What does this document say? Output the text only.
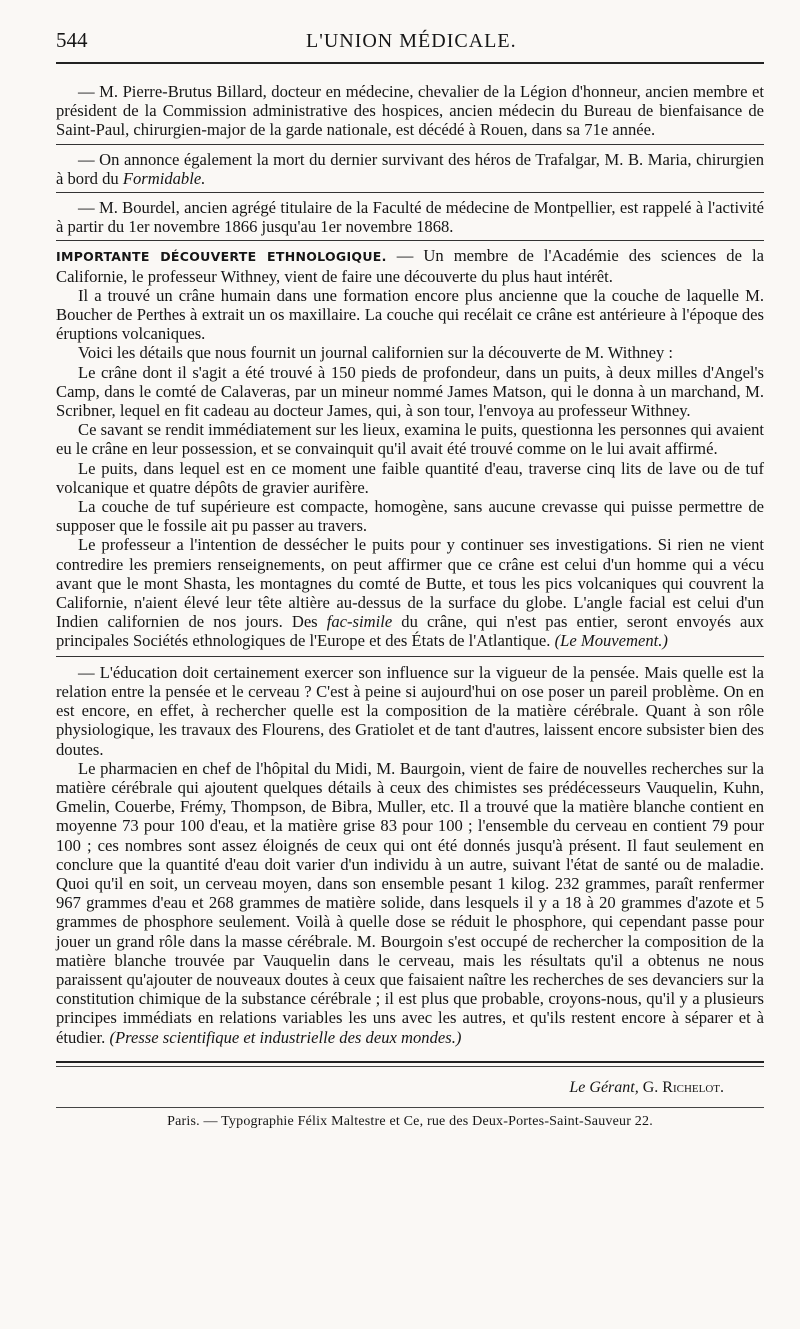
544	L'UNION MÉDICALE.

— M. Pierre-Brutus Billard, docteur en médecine, chevalier de la Légion d'honneur, ancien membre et président de la Commission administrative des hospices, ancien médecin du Bureau de bienfaisance de Saint-Paul, chirurgien-major de la garde nationale, est décédé à Rouen, dans sa 71e année.

— On annonce également la mort du dernier survivant des héros de Trafalgar, M. B. Maria, chirurgien à bord du Formidable.

— M. Bourdel, ancien agrégé titulaire de la Faculté de médecine de Montpellier, est rappelé à l'activité à partir du 1er novembre 1866 jusqu'au 1er novembre 1868.

IMPORTANTE DÉCOUVERTE ETHNOLOGIQUE. — Un membre de l'Académie des sciences de la Californie, le professeur Withney, vient de faire une découverte du plus haut intérêt.

Il a trouvé un crâne humain dans une formation encore plus ancienne que la couche de laquelle M. Boucher de Perthes à extrait un os maxillaire. La couche qui recélait ce crâne est antérieure à l'époque des éruptions volcaniques.

Voici les détails que nous fournit un journal californien sur la découverte de M. Withney :

Le crâne dont il s'agit a été trouvé à 150 pieds de profondeur, dans un puits, à deux milles d'Angel's Camp, dans le comté de Calaveras, par un mineur nommé James Matson, qui le donna à un marchand, M. Scribner, lequel en fit cadeau au docteur James, qui, à son tour, l'envoya au professeur Withney.

Ce savant se rendit immédiatement sur les lieux, examina le puits, questionna les personnes qui avaient eu le crâne en leur possession, et se convainquit qu'il avait été trouvé comme on le lui avait affirmé.

Le puits, dans lequel est en ce moment une faible quantité d'eau, traverse cinq lits de lave ou de tuf volcanique et quatre dépôts de gravier aurifère.

La couche de tuf supérieure est compacte, homogène, sans aucune crevasse qui puisse permettre de supposer que le fossile ait pu passer au travers.

Le professeur a l'intention de dessécher le puits pour y continuer ses investigations. Si rien ne vient contredire les premiers renseignements, on peut affirmer que ce crâne est celui d'un homme qui a vécu avant que le mont Shasta, les montagnes du comté de Butte, et tous les pics volcaniques qui couvrent la Californie, n'aient élevé leur tête altière au-dessus de la surface du globe. L'angle facial est celui d'un Indien californien de nos jours. Des fac-simile du crâne, qui n'est pas entier, seront envoyés aux principales Sociétés ethnologiques de l'Europe et des États de l'Atlantique. (Le Mouvement.)

— L'éducation doit certainement exercer son influence sur la vigueur de la pensée. Mais quelle est la relation entre la pensée et le cerveau ? C'est à peine si aujourd'hui on ose poser un pareil problème. On en est encore, en effet, à rechercher quelle est la composition de la matière cérébrale. Quant à son rôle physiologique, les travaux des Flourens, des Gratiolet et de tant d'autres, laissent encore subsister bien des doutes.

Le pharmacien en chef de l'hôpital du Midi, M. Baurgoin, vient de faire de nouvelles recherches sur la matière cérébrale qui ajoutent quelques détails à ceux des chimistes ses prédécesseurs Vauquelin, Kuhn, Gmelin, Couerbe, Frémy, Thompson, de Bibra, Muller, etc. Il a trouvé que la matière blanche contient en moyenne 73 pour 100 d'eau, et la matière grise 83 pour 100 ; l'ensemble du cerveau en contient 79 pour 100 ; ces nombres sont assez éloignés de ceux qui ont été donnés jusqu'à présent. Il faut seulement en conclure que la quantité d'eau doit varier d'un individu à un autre, suivant l'état de santé ou de maladie. Quoi qu'il en soit, un cerveau moyen, dans son ensemble pesant 1 kilog. 232 grammes, paraît renfermer 967 grammes d'eau et 268 grammes de matière solide, dans lesquels il y a 18 à 20 grammes d'azote et 5 grammes de phosphore seulement. Voilà à quelle dose se réduit le phosphore, qui cependant passe pour jouer un grand rôle dans la masse cérébrale. M. Bourgoin s'est occupé de rechercher la composition de la matière blanche trouvée par Vauquelin dans le cerveau, mais les résultats qu'il a obtenus ne nous paraissent qu'ajouter de nouveaux doutes à ceux que faisaient naître les recherches de ses devanciers sur la constitution chimique de la substance cérébrale ; il est plus que probable, croyons-nous, qu'il y a plusieurs principes immédiats en relations variables les uns avec les autres, et qu'ils restent encore à séparer et à étudier. (Presse scientifique et industrielle des deux mondes.)

Le Gérant, G. Richelot.
Paris. — Typographie Félix Maltestre et Ce, rue des Deux-Portes-Saint-Sauveur 22.
